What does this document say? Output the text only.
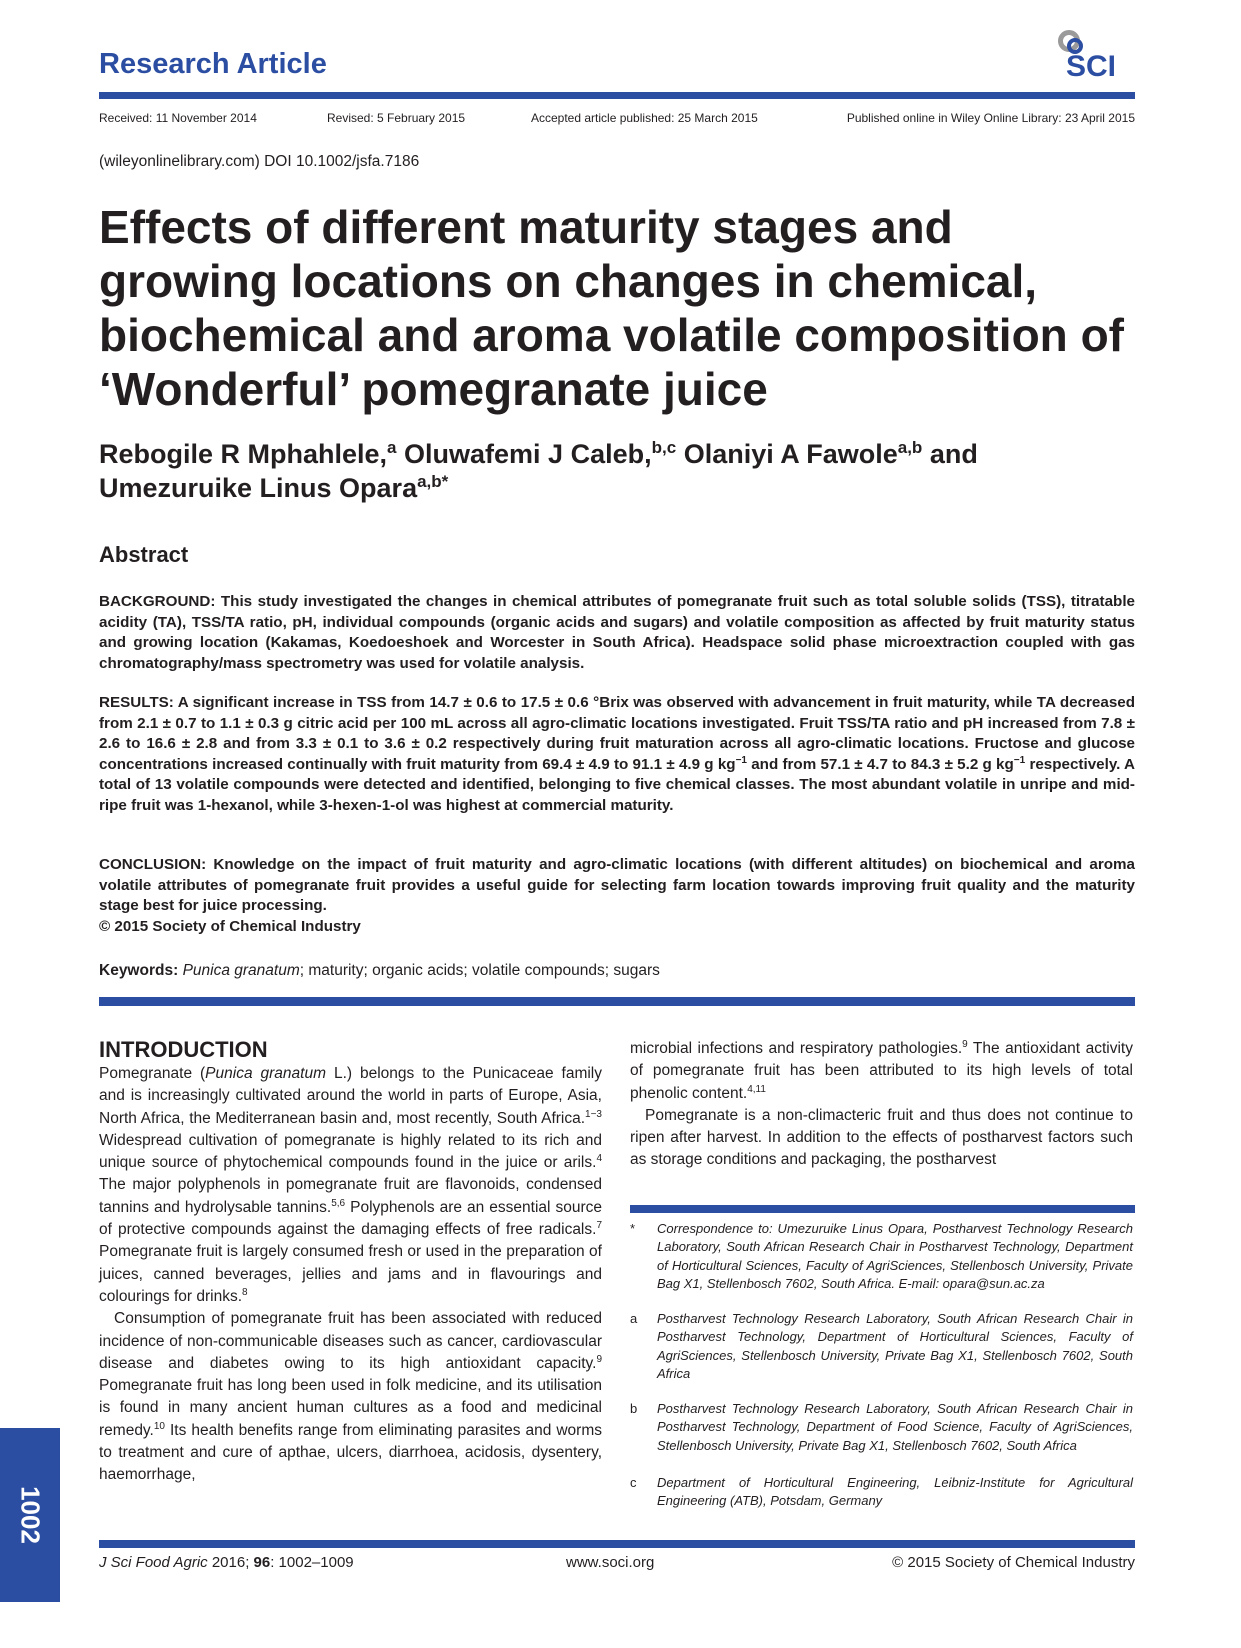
Research Article	SCI
Received: 11 November 2014	Revised: 5 February 2015	Accepted article published: 25 March 2015	Published online in Wiley Online Library: 23 April 2015
(wileyonlinelibrary.com) DOI 10.1002/jsfa.7186
Effects of different maturity stages and growing locations on changes in chemical, biochemical and aroma volatile composition of ‘Wonderful’ pomegranate juice
Rebogile R Mphahlele,$^a$ Oluwafemi J Caleb,$^{b,c}$ Olaniyi A Fawole$^{a,b}$ and
Umezuruike Linus Opara$^{a,b*}$
Abstract
BACKGROUND: This study investigated the changes in chemical attributes of pomegranate fruit such as total soluble solids (TSS), titratable acidity (TA), TSS/TA ratio, pH, individual compounds (organic acids and sugars) and volatile composition as affected by fruit maturity status and growing location (Kakamas, Koedoeshoek and Worcester in South Africa). Headspace solid phase microextraction coupled with gas chromatography/mass spectrometry was used for volatile analysis.
RESULTS: A significant increase in TSS from 14.7 ± 0.6 to 17.5 ± 0.6 °Brix was observed with advancement in fruit maturity, while TA decreased from 2.1 ± 0.7 to 1.1 ± 0.3 g citric acid per 100 mL across all agro-climatic locations investigated. Fruit TSS/TA ratio and pH increased from 7.8 ± 2.6 to 16.6 ± 2.8 and from 3.3 ± 0.1 to 3.6 ± 0.2 respectively during fruit maturation across all agro-climatic locations. Fructose and glucose concentrations increased continually with fruit maturity from 69.4 ± 4.9 to 91.1 ± 4.9 g $kg^{-1}$ and from 57.1 ± 4.7 to 84.3 ± 5.2 g $kg^{-1}$ respectively. A total of 13 volatile compounds were detected and identified, belonging to five chemical classes. The most abundant volatile in unripe and mid-ripe fruit was 1-hexanol, while 3-hexen-1-ol was highest at commercial maturity.
CONCLUSION: Knowledge on the impact of fruit maturity and agro-climatic locations (with different altitudes) on biochemical and aroma volatile attributes of pomegranate fruit provides a useful guide for selecting farm location towards improving fruit quality and the maturity stage best for juice processing.
© 2015 Society of Chemical Industry
Keywords: Punica granatum; maturity; organic acids; volatile compounds; sugars
INTRODUCTION

Pomegranate (Punica granatum L.) belongs to the Punicaceae family and is increasingly cultivated around the world in parts of Europe, Asia, North Africa, the Mediterranean basin and, most recently, South Africa.$^{1-3}$ Widespread cultivation of pomegranate is highly related to its rich and unique source of phytochemical compounds found in the juice or arils.$^4$ The major polyphenols in pomegranate fruit are flavonoids, condensed tannins and hydrolysable tannins.$^{5,6}$ Polyphenols are an essential source of protective compounds against the damaging effects of free radicals.$^7$ Pomegranate fruit is largely consumed fresh or used in the preparation of juices, canned beverages, jellies and jams and in flavourings and colourings for drinks.$^8$

Consumption of pomegranate fruit has been associated with reduced incidence of non-communicable diseases such as cancer, cardiovascular disease and diabetes owing to its high antioxidant capacity.$^9$ Pomegranate fruit has long been used in folk medicine, and its utilisation is found in many ancient human cultures as a food and medicinal remedy.$^{10}$ Its health benefits range from eliminating parasites and worms to treatment and cure of apthae, ulcers, diarrhoea, acidosis, dysentery, haemorrhage,

microbial infections and respiratory pathologies.$^9$ The antioxidant activity of pomegranate fruit has been attributed to its high levels of total phenolic content.$^{4,11}$

Pomegranate is a non-climacteric fruit and thus does not continue to ripen after harvest. In addition to the effects of postharvest factors such as storage conditions and packaging, the postharvest

* Correspondence to: Umezuruike Linus Opara, Postharvest Technology Research Laboratory, South African Research Chair in Postharvest Technology, Department of Horticultural Sciences, Faculty of AgriSciences, Stellenbosch University, Private Bag X1, Stellenbosch 7602, South Africa. E-mail: opara@sun.ac.za
a Postharvest Technology Research Laboratory, South African Research Chair in Postharvest Technology, Department of Horticultural Sciences, Faculty of AgriSciences, Stellenbosch University, Private Bag X1, Stellenbosch 7602, South Africa
b Postharvest Technology Research Laboratory, South African Research Chair in Postharvest Technology, Department of Food Science, Faculty of AgriSciences, Stellenbosch University, Private Bag X1, Stellenbosch 7602, South Africa
c Department of Horticultural Engineering, Leibniz-Institute for Agricultural Engineering (ATB), Potsdam, Germany
1002
J Sci Food Agric 2016; 96: 1002–1009	www.soci.org	© 2015 Society of Chemical Industry
